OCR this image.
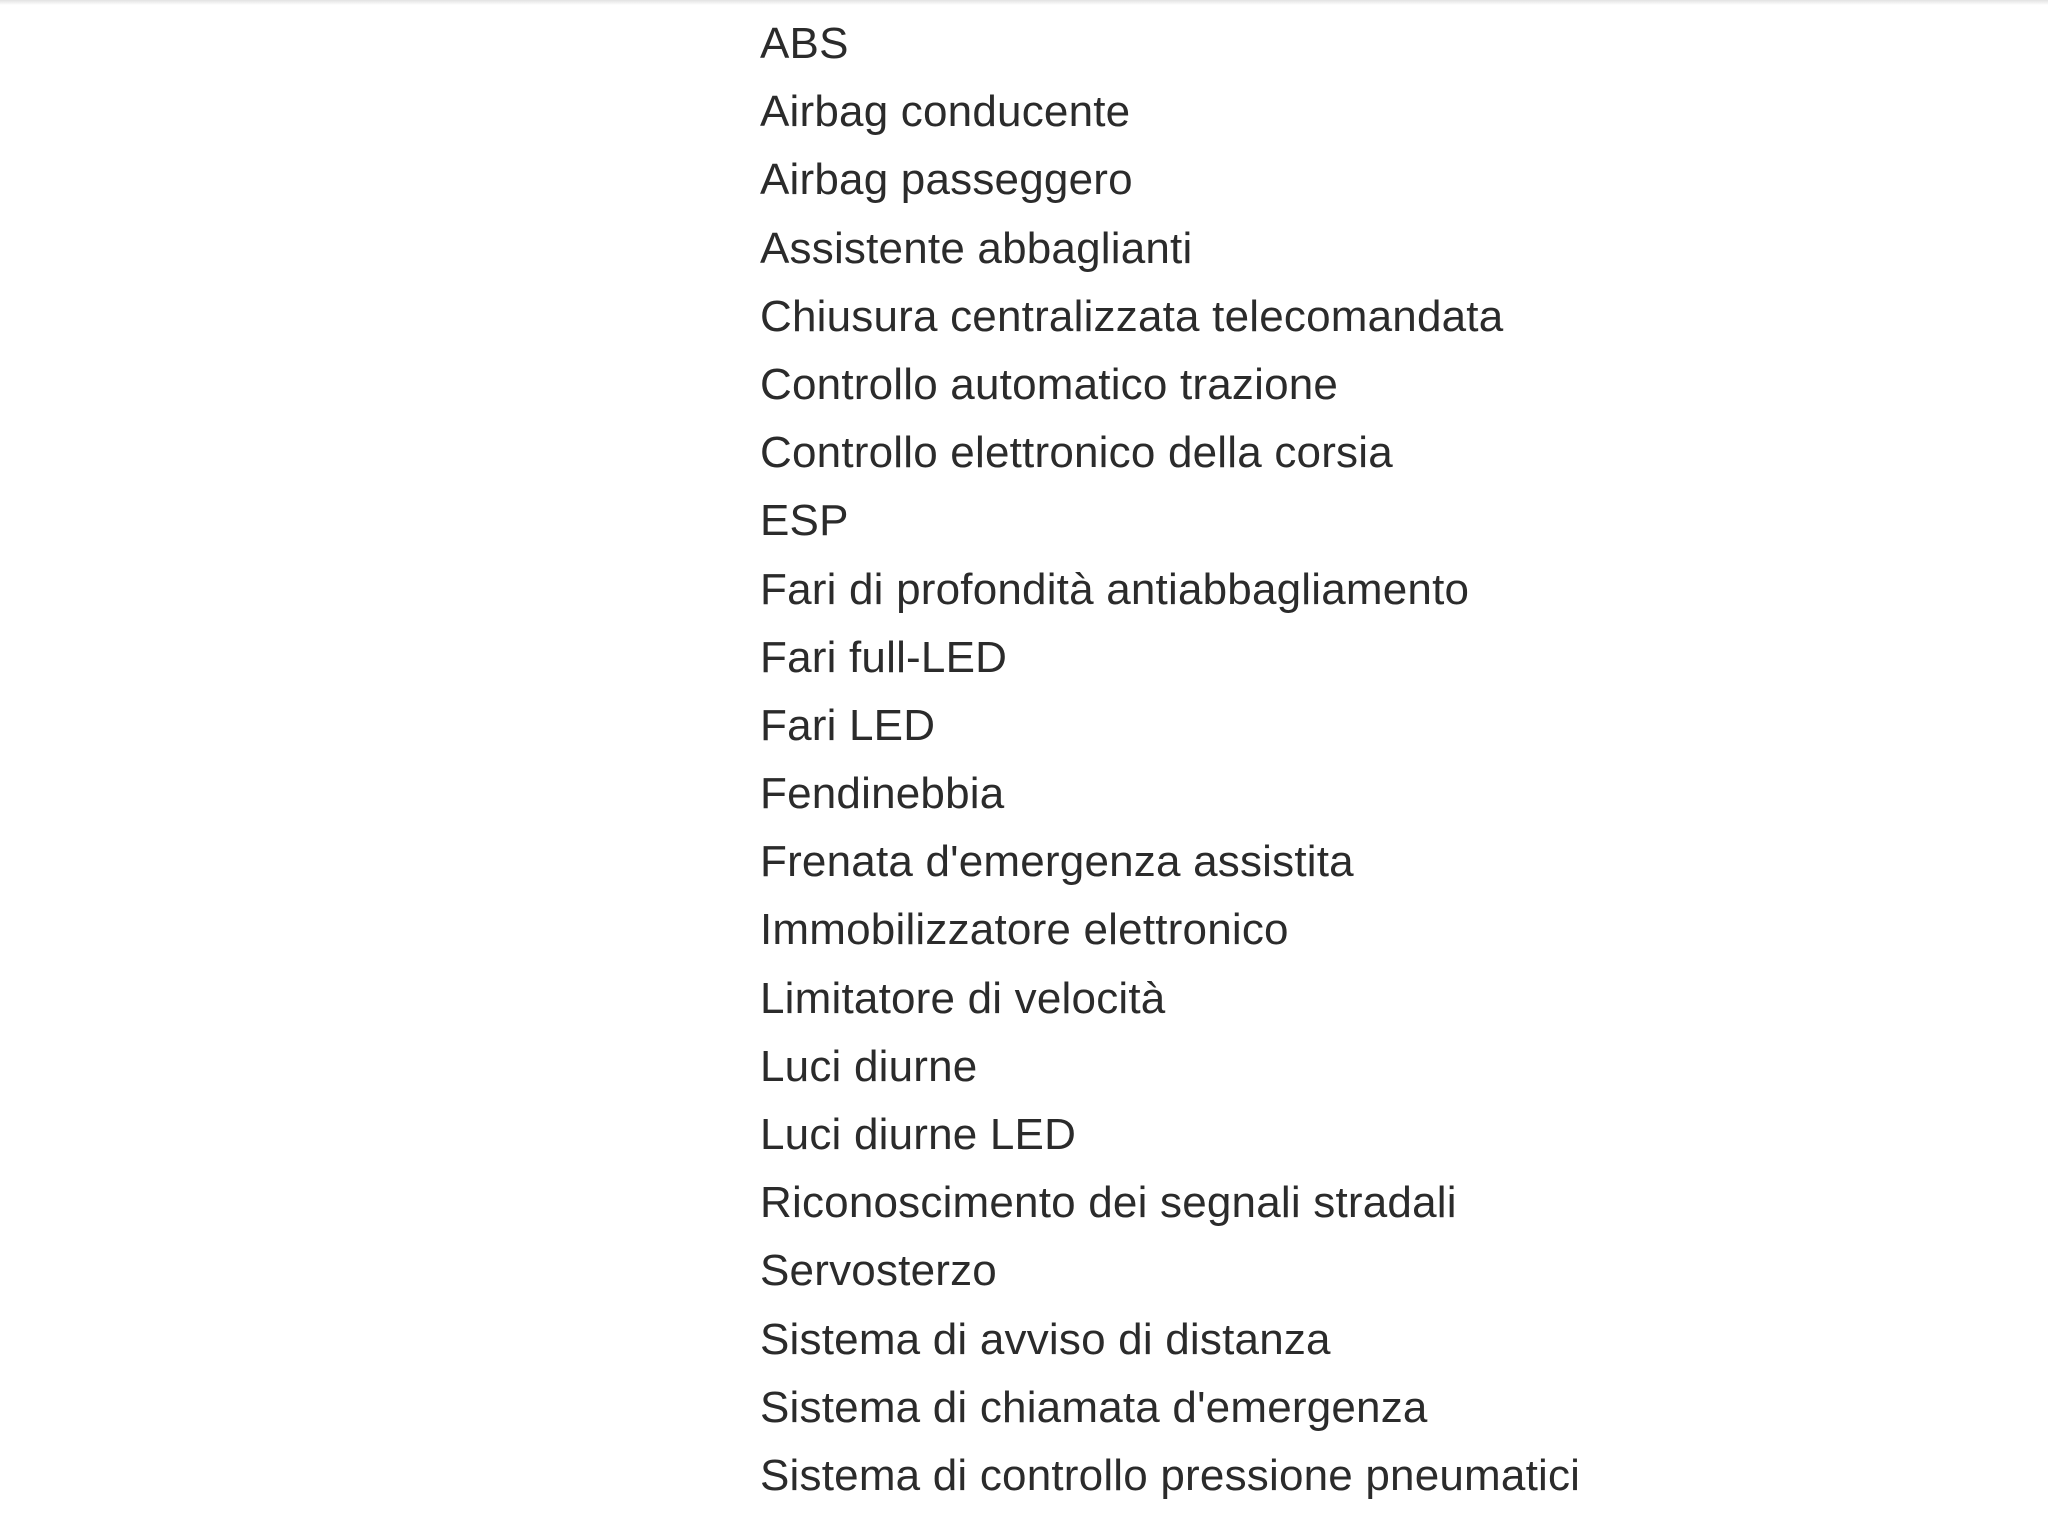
ABS
Airbag conducente
Airbag passeggero
Assistente abbaglianti
Chiusura centralizzata telecomandata
Controllo automatico trazione
Controllo elettronico della corsia
ESP
Fari di profondità antiabbagliamento
Fari full-LED
Fari LED
Fendinebbia
Frenata d'emergenza assistita
Immobilizzatore elettronico
Limitatore di velocità
Luci diurne
Luci diurne LED
Riconoscimento dei segnali stradali
Servosterzo
Sistema di avviso di distanza
Sistema di chiamata d'emergenza
Sistema di controllo pressione pneumatici
